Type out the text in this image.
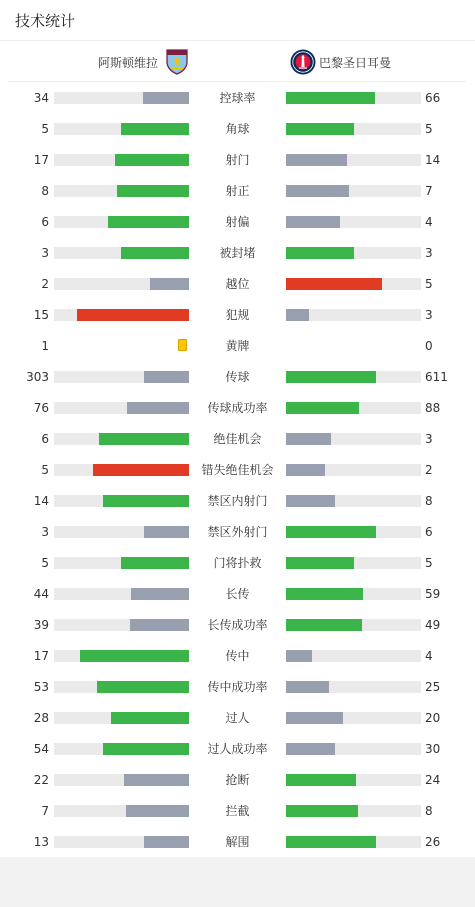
技术统计
阿斯顿维拉	巴黎圣日耳曼
34	控球率	66
5	角球	5
17	射门	14
8	射正	7
6	射偏	4
3	被封堵	3
2	越位	5
15	犯规	3
1	黄牌	0
303	传球	611
76	传球成功率	88
6	绝佳机会	3
5	错失绝佳机会	2
14	禁区内射门	8
3	禁区外射门	6
5	门将扑救	5
44	长传	59
39	长传成功率	49
17	传中	4
53	传中成功率	25
28	过人	20
54	过人成功率	30
22	抢断	24
7	拦截	8
13	解围	26
